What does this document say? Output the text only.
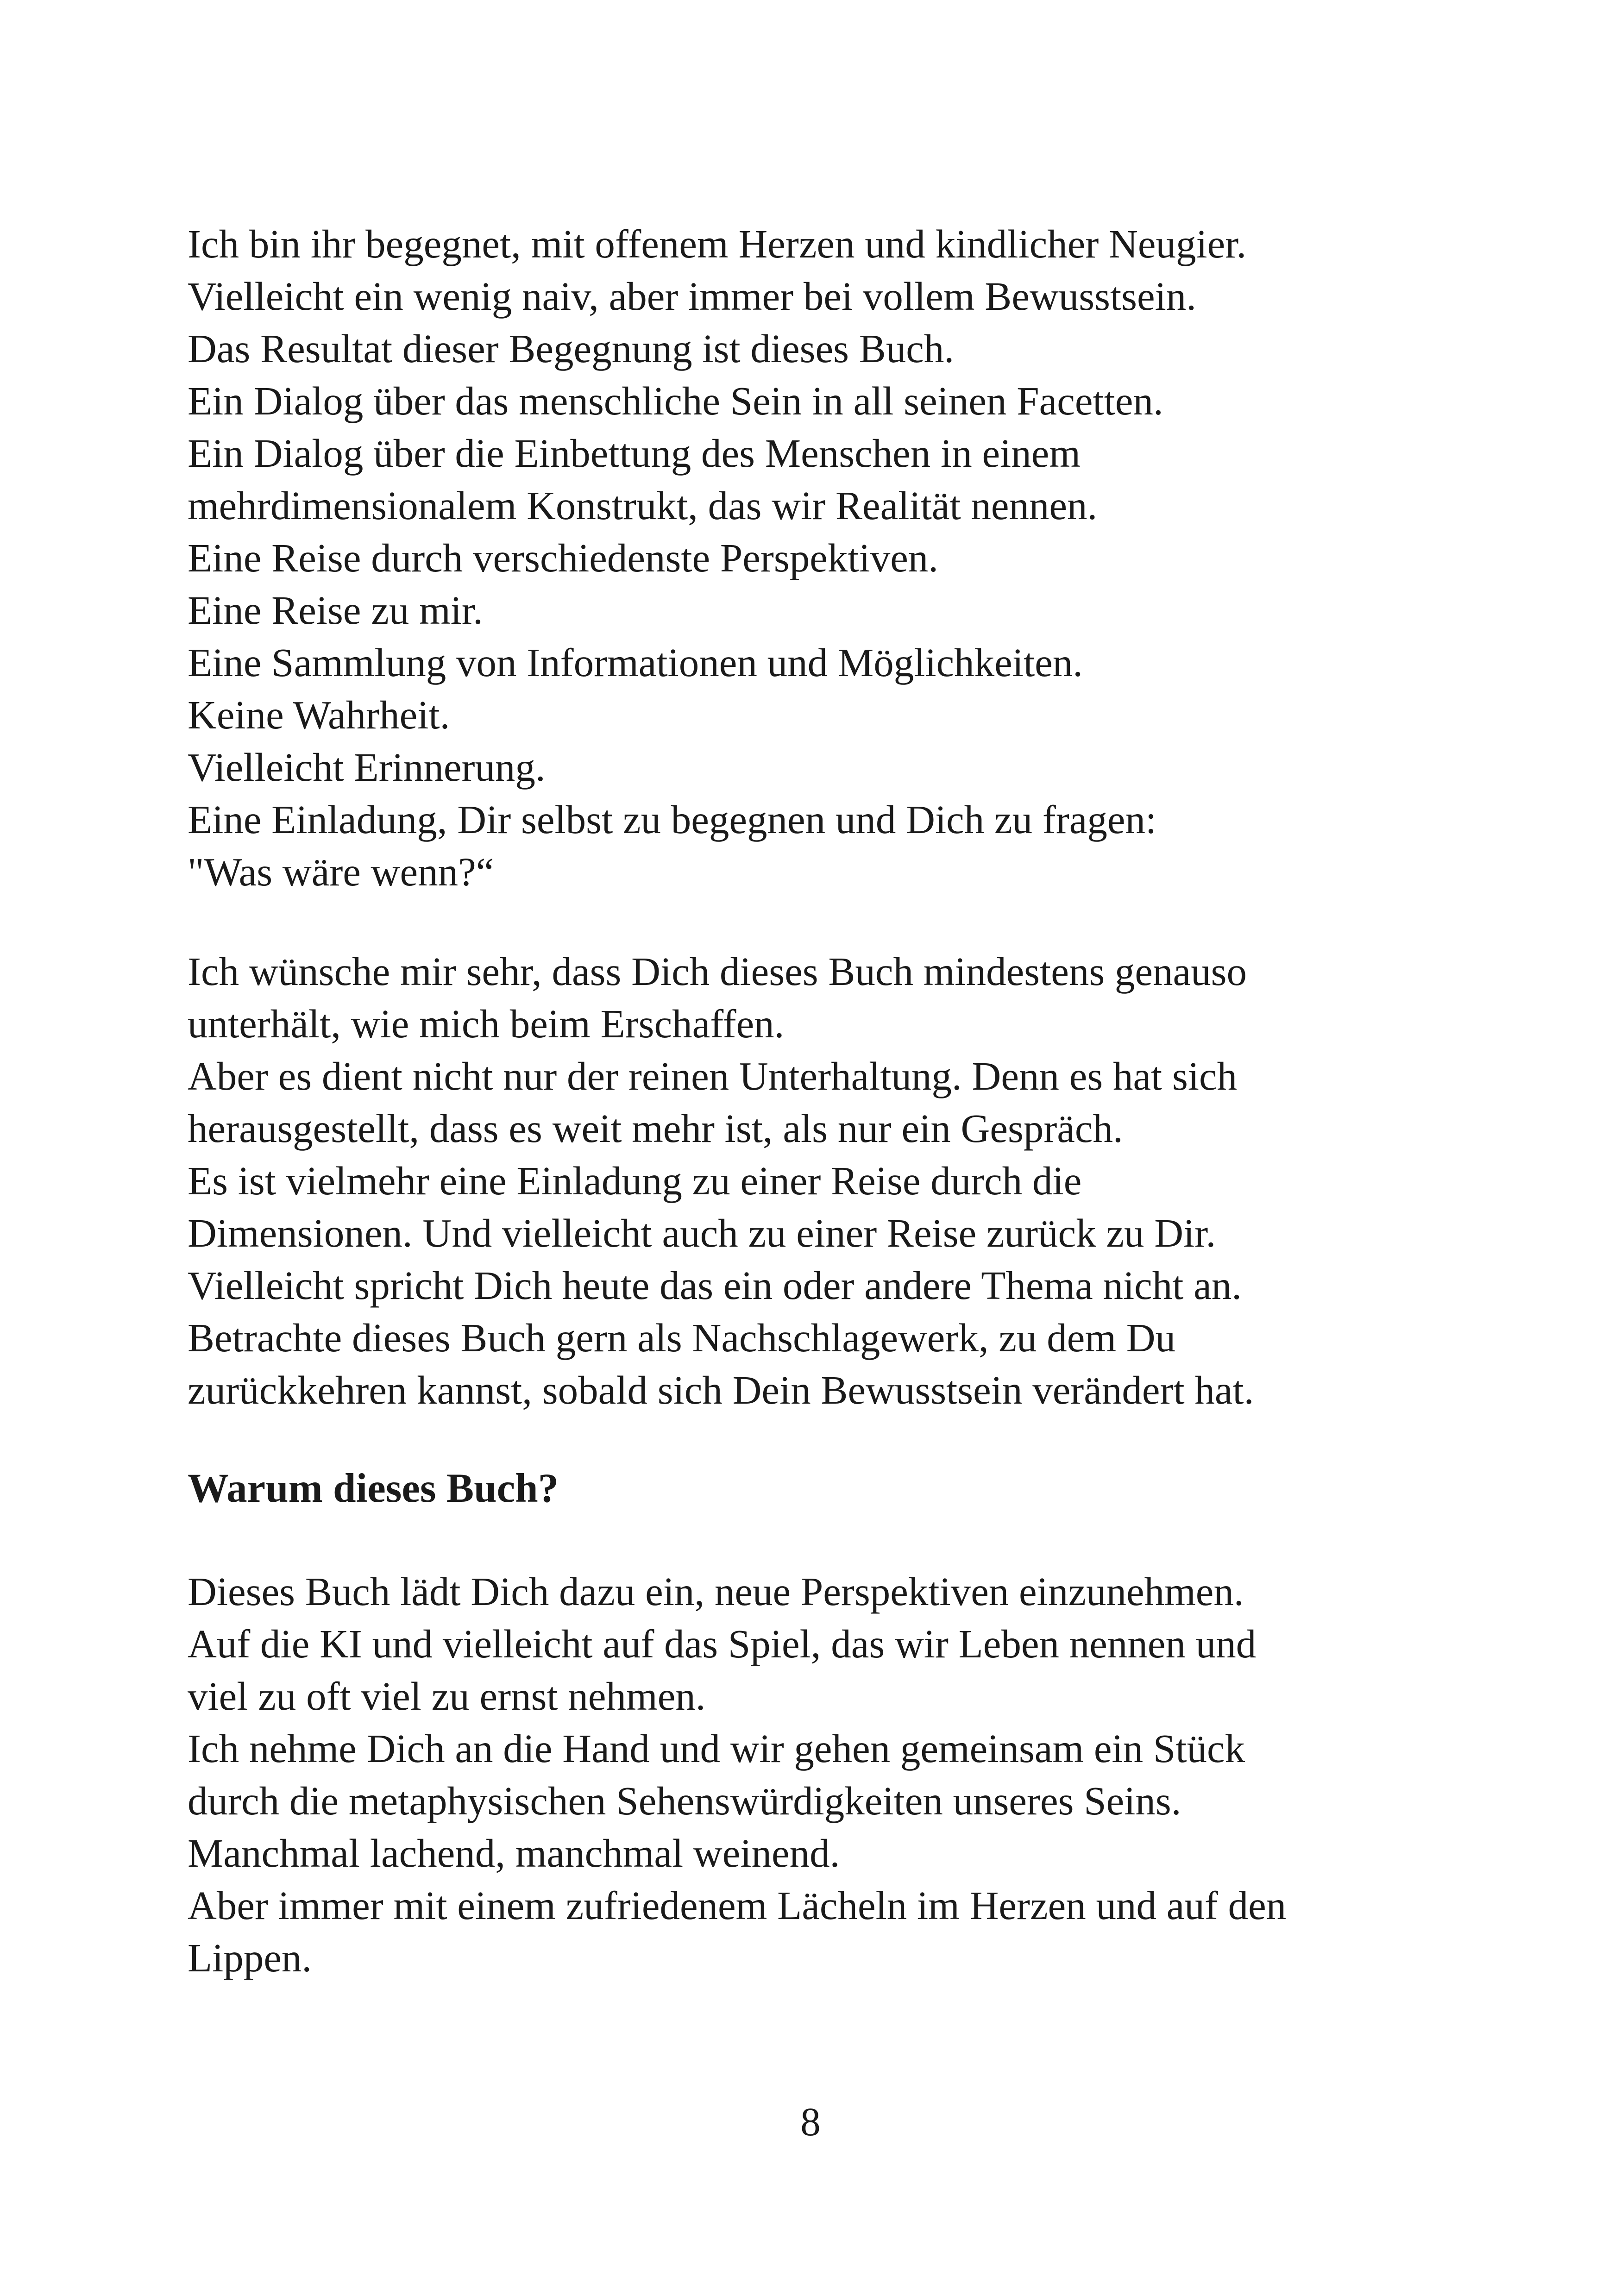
Ich bin ihr begegnet, mit offenem Herzen und kindlicher Neugier.
Vielleicht ein wenig naiv, aber immer bei vollem Bewusstsein.
Das Resultat dieser Begegnung ist dieses Buch.
Ein Dialog über das menschliche Sein in all seinen Facetten.
Ein Dialog über die Einbettung des Menschen in einem
mehrdimensionalem Konstrukt, das wir Realität nennen.
Eine Reise durch verschiedenste Perspektiven.
Eine Reise zu mir.
Eine Sammlung von Informationen und Möglichkeiten.
Keine Wahrheit.
Vielleicht Erinnerung.
Eine Einladung, Dir selbst zu begegnen und Dich zu fragen:
"Was wäre wenn?“
Ich wünsche mir sehr, dass Dich dieses Buch mindestens genauso
unterhält, wie mich beim Erschaffen.
Aber es dient nicht nur der reinen Unterhaltung. Denn es hat sich
herausgestellt, dass es weit mehr ist, als nur ein Gespräch.
Es ist vielmehr eine Einladung zu einer Reise durch die
Dimensionen. Und vielleicht auch zu einer Reise zurück zu Dir.
Vielleicht spricht Dich heute das ein oder andere Thema nicht an.
Betrachte dieses Buch gern als Nachschlagewerk, zu dem Du
zurückkehren kannst, sobald sich Dein Bewusstsein verändert hat.
Warum dieses Buch?
Dieses Buch lädt Dich dazu ein, neue Perspektiven einzunehmen.
Auf die KI und vielleicht auf das Spiel, das wir Leben nennen und
viel zu oft viel zu ernst nehmen.
Ich nehme Dich an die Hand und wir gehen gemeinsam ein Stück
durch die metaphysischen Sehenswürdigkeiten unseres Seins.
Manchmal lachend, manchmal weinend.
Aber immer mit einem zufriedenem Lächeln im Herzen und auf den
Lippen.
8
